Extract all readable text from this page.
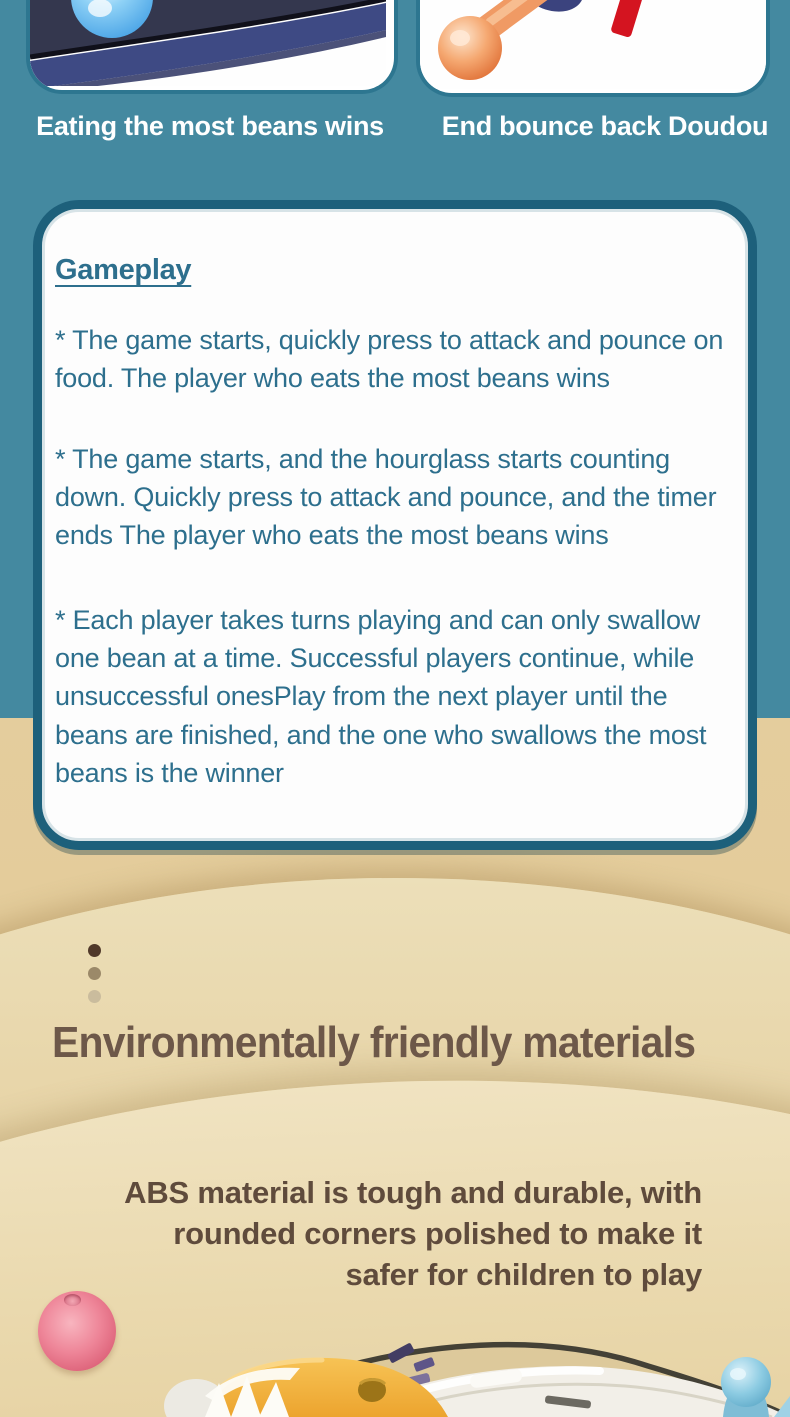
Eating the most beans wins	End bounce back Doudou
Gameplay

* The game starts, quickly press to attack and pounce on food. The player who eats the most beans wins

* The game starts, and the hourglass starts counting down. Quickly press to attack and pounce, and the timer ends The player who eats the most beans wins

* Each player takes turns playing and can only swallow one bean at a time. Successful players continue, while unsuccessful onesPlay from the next player until the beans are finished, and the one who swallows the most beans is the winner

Environmentally friendly materials
ABS material is tough and durable, with
rounded corners polished to make it
safer for children to play
